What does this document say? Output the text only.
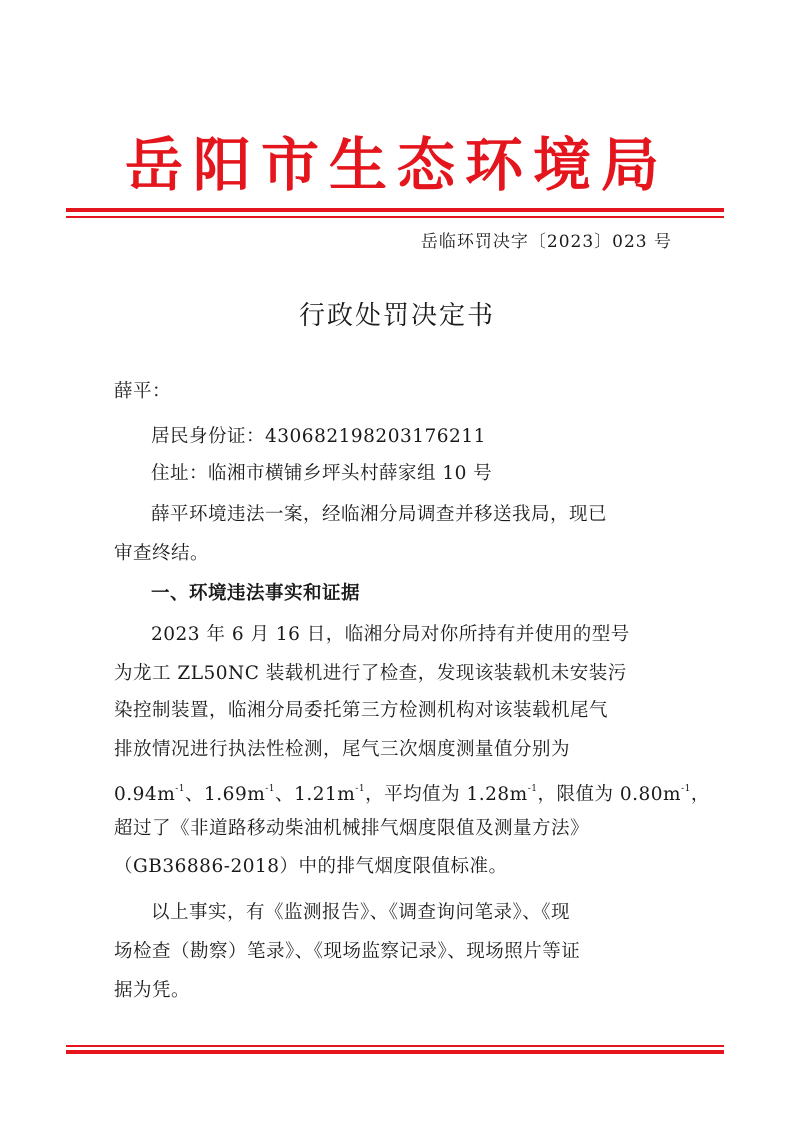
岳阳市生态环境局
岳临环罚决字〔2023〕023 号
行政处罚决定书
薛平：
居民身份证：430682198203176211
住址：临湘市横铺乡坪头村薛家组 10 号
薛平环境违法一案，经临湘分局调查并移送我局，现已
审查终结。
一、环境违法事实和证据
2023 年 6 月 16 日，临湘分局对你所持有并使用的型号
为龙工 ZL50NC 装载机进行了检查，发现该装载机未安装污
染控制装置，临湘分局委托第三方检测机构对该装载机尾气
排放情况进行执法性检测，尾气三次烟度测量值分别为
$0.94m^{-1}$、$1.69m^{-1}$、$1.21m^{-1}$，平均值为 $1.28m^{-1}$，限值为 $0.80m^{-1}$，
超过了《非道路移动柴油机械排气烟度限值及测量方法》
（GB36886-2018）中的排气烟度限值标准。
以上事实，有《监测报告》、《调查询问笔录》、《现
场检查（勘察）笔录》、《现场监察记录》、现场照片等证
据为凭。
